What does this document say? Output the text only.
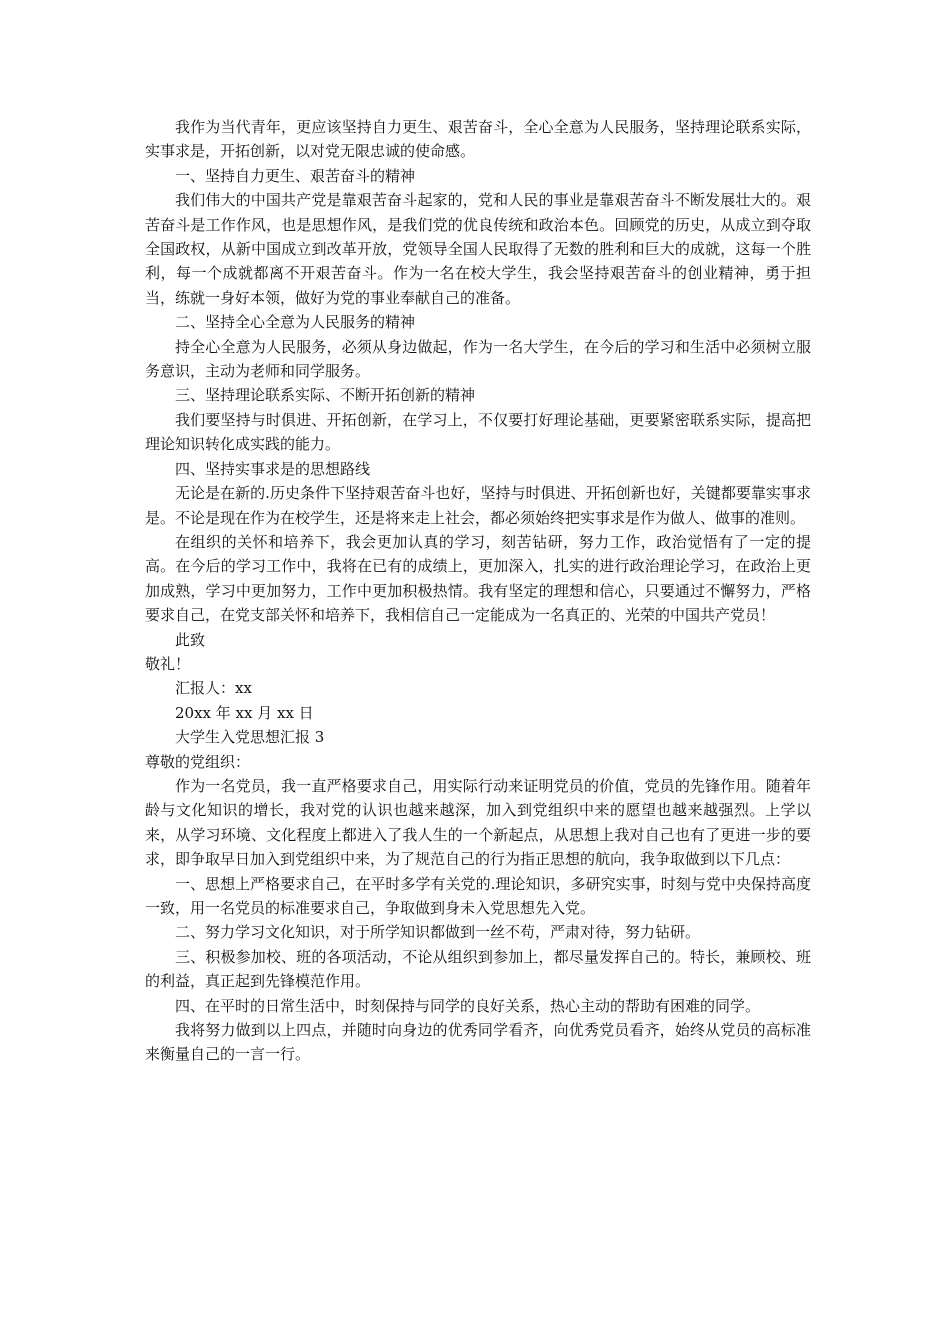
我作为当代青年，更应该坚持自力更生、艰苦奋斗，全心全意为人民服务，坚持理论联系实际，实事求是，开拓创新，以对党无限忠诚的使命感。

一、坚持自力更生、艰苦奋斗的精神

我们伟大的中国共产党是靠艰苦奋斗起家的，党和人民的事业是靠艰苦奋斗不断发展壮大的。艰苦奋斗是工作作风，也是思想作风，是我们党的优良传统和政治本色。回顾党的历史，从成立到夺取全国政权，从新中国成立到改革开放，党领导全国人民取得了无数的胜利和巨大的成就，这每一个胜利，每一个成就都离不开艰苦奋斗。作为一名在校大学生，我会坚持艰苦奋斗的创业精神，勇于担当，练就一身好本领，做好为党的事业奉献自己的准备。

二、坚持全心全意为人民服务的精神

持全心全意为人民服务，必须从身边做起，作为一名大学生，在今后的学习和生活中必须树立服务意识，主动为老师和同学服务。

三、坚持理论联系实际、不断开拓创新的精神

我们要坚持与时俱进、开拓创新，在学习上，不仅要打好理论基础，更要紧密联系实际，提高把理论知识转化成实践的能力。

四、坚持实事求是的思想路线

无论是在新的.历史条件下坚持艰苦奋斗也好，坚持与时俱进、开拓创新也好，关键都要靠实事求是。不论是现在作为在校学生，还是将来走上社会，都必须始终把实事求是作为做人、做事的准则。

在组织的关怀和培养下，我会更加认真的学习，刻苦钻研，努力工作，政治觉悟有了一定的提高。在今后的学习工作中，我将在已有的成绩上，更加深入，扎实的进行政治理论学习，在政治上更加成熟，学习中更加努力，工作中更加积极热情。我有坚定的理想和信心，只要通过不懈努力，严格要求自己，在党支部关怀和培养下，我相信自己一定能成为一名真正的、光荣的中国共产党员！

此致

敬礼！

汇报人：xx

20xx 年 xx 月 xx 日

大学生入党思想汇报 3

尊敬的党组织：

作为一名党员，我一直严格要求自己，用实际行动来证明党员的价值，党员的先锋作用。随着年龄与文化知识的增长，我对党的认识也越来越深，加入到党组织中来的愿望也越来越强烈。上学以来，从学习环境、文化程度上都进入了我人生的一个新起点，从思想上我对自己也有了更进一步的要求，即争取早日加入到党组织中来，为了规范自己的行为指正思想的航向，我争取做到以下几点：

一、思想上严格要求自己，在平时多学有关党的.理论知识，多研究实事，时刻与党中央保持高度一致，用一名党员的标准要求自己，争取做到身未入党思想先入党。

二、努力学习文化知识，对于所学知识都做到一丝不苟，严肃对待，努力钻研。

三、积极参加校、班的各项活动，不论从组织到参加上，都尽量发挥自己的。特长，兼顾校、班的利益，真正起到先锋模范作用。

四、在平时的日常生活中，时刻保持与同学的良好关系，热心主动的帮助有困难的同学。

我将努力做到以上四点，并随时向身边的优秀同学看齐，向优秀党员看齐，始终从党员的高标准来衡量自己的一言一行。
